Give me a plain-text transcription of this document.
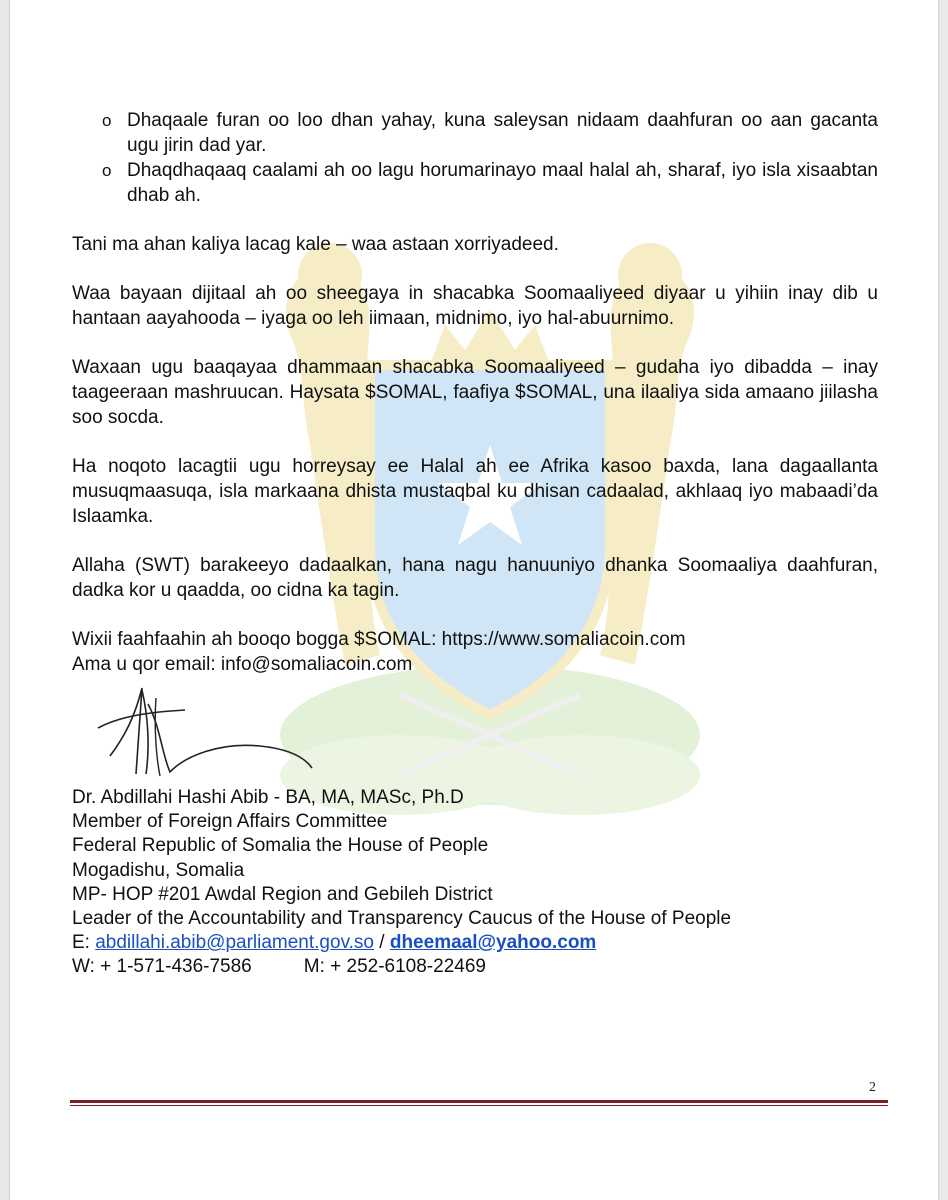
o Dhaqaale furan oo loo dhan yahay, kuna saleysan nidaam daahfuran oo aan gacanta ugu jirin dad yar.
o Dhaqdhaqaaq caalami ah oo lagu horumarinayo maal halal ah, sharaf, iyo isla xisaabtan dhab ah.

Tani ma ahan kaliya lacag kale – waa astaan xorriyadeed.

Waa bayaan dijitaal ah oo sheegaya in shacabka Soomaaliyeed diyaar u yihiin inay dib u hantaan aayahooda – iyaga oo leh iimaan, midnimo, iyo hal-abuurnimo.

Waxaan ugu baaqayaa dhammaan shacabka Soomaaliyeed – gudaha iyo dibadda – inay taageeraan mashruucan. Haysata $SOMAL, faafiya $SOMAL, una ilaaliya sida amaano jiilasha soo socda.

Ha noqoto lacagtii ugu horreysay ee Halal ah ee Afrika kasoo baxda, lana dagaallanta musuqmaasuqa, isla markaana dhista mustaqbal ku dhisan cadaalad, akhlaaq iyo mabaadi’da Islaamka.

Allaha (SWT) barakeeyo dadaalkan, hana nagu hanuuniyo dhanka Soomaaliya daahfuran, dadka kor u qaadda, oo cidna ka tagin.

Wixii faahfaahin ah booqo bogga $SOMAL: https://www.somaliacoin.com
Ama u qor email: info@somaliacoin.com
Dr. Abdillahi Hashi Abib - BA, MA, MASc, Ph.D
Member of Foreign Affairs Committee
Federal Republic of Somalia the House of People
Mogadishu, Somalia
MP- HOP #201 Awdal Region and Gebileh District
Leader of the Accountability and Transparency Caucus of the House of People
E: abdillahi.abib@parliament.gov.so / dheemaal@yahoo.com
W: + 1-571-436-7586	M: + 252-6108-22469
2
